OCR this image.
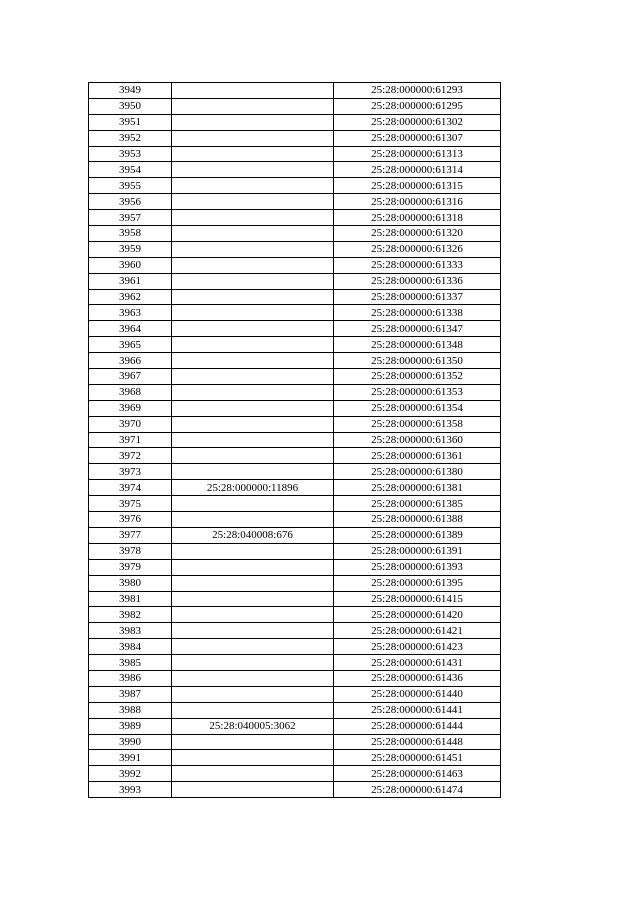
3949		25:28:000000:61293
3950		25:28:000000:61295
3951		25:28:000000:61302
3952		25:28:000000:61307
3953		25:28:000000:61313
3954		25:28:000000:61314
3955		25:28:000000:61315
3956		25:28:000000:61316
3957		25:28:000000:61318
3958		25:28:000000:61320
3959		25:28:000000:61326
3960		25:28:000000:61333
3961		25:28:000000:61336
3962		25:28:000000:61337
3963		25:28:000000:61338
3964		25:28:000000:61347
3965		25:28:000000:61348
3966		25:28:000000:61350
3967		25:28:000000:61352
3968		25:28:000000:61353
3969		25:28:000000:61354
3970		25:28:000000:61358
3971		25:28:000000:61360
3972		25:28:000000:61361
3973		25:28:000000:61380
3974	25:28:000000:11896	25:28:000000:61381
3975		25:28:000000:61385
3976		25:28:000000:61388
3977	25:28:040008:676	25:28:000000:61389
3978		25:28:000000:61391
3979		25:28:000000:61393
3980		25:28:000000:61395
3981		25:28:000000:61415
3982		25:28:000000:61420
3983		25:28:000000:61421
3984		25:28:000000:61423
3985		25:28:000000:61431
3986		25:28:000000:61436
3987		25:28:000000:61440
3988		25:28:000000:61441
3989	25:28:040005:3062	25:28:000000:61444
3990		25:28:000000:61448
3991		25:28:000000:61451
3992		25:28:000000:61463
3993		25:28:000000:61474
